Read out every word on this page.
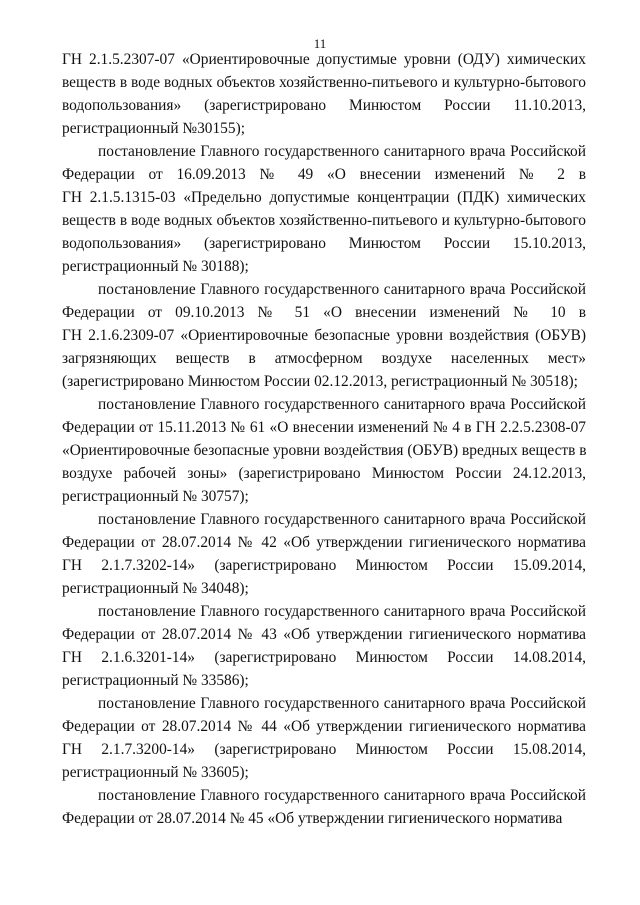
11
ГН 2.1.5.2307-07 «Ориентировочные допустимые уровни (ОДУ) химических
веществ в воде водных объектов хозяйственно-питьевого и культурно-бытового
водопользования» (зарегистрировано Минюстом России 11.10.2013,
регистрационный №30155);
постановление Главного государственного санитарного врача Российской
Федерации от 16.09.2013 № 49 «О внесении изменений № 2 в
ГН 2.1.5.1315-03 «Предельно допустимые концентрации (ПДК) химических
веществ в воде водных объектов хозяйственно-питьевого и культурно-бытового
водопользования» (зарегистрировано Минюстом России 15.10.2013,
регистрационный № 30188);
постановление Главного государственного санитарного врача Российской
Федерации от 09.10.2013 № 51 «О внесении изменений № 10 в
ГН 2.1.6.2309-07 «Ориентировочные безопасные уровни воздействия (ОБУВ)
загрязняющих веществ в атмосферном воздухе населенных мест»
(зарегистрировано Минюстом России 02.12.2013, регистрационный № 30518);
постановление Главного государственного санитарного врача Российской
Федерации от 15.11.2013 № 61 «О внесении изменений № 4 в ГН 2.2.5.2308-07
«Ориентировочные безопасные уровни воздействия (ОБУВ) вредных веществ в
воздухе рабочей зоны» (зарегистрировано Минюстом России 24.12.2013,
регистрационный № 30757);
постановление Главного государственного санитарного врача Российской
Федерации от 28.07.2014 № 42 «Об утверждении гигиенического норматива
ГН 2.1.7.3202-14» (зарегистрировано Минюстом России 15.09.2014,
регистрационный № 34048);
постановление Главного государственного санитарного врача Российской
Федерации от 28.07.2014 № 43 «Об утверждении гигиенического норматива
ГН 2.1.6.3201-14» (зарегистрировано Минюстом России 14.08.2014,
регистрационный № 33586);
постановление Главного государственного санитарного врача Российской
Федерации от 28.07.2014 № 44 «Об утверждении гигиенического норматива
ГН 2.1.7.3200-14» (зарегистрировано Минюстом России 15.08.2014,
регистрационный № 33605);
постановление Главного государственного санитарного врача Российской
Федерации от 28.07.2014 № 45 «Об утверждении гигиенического норматива
